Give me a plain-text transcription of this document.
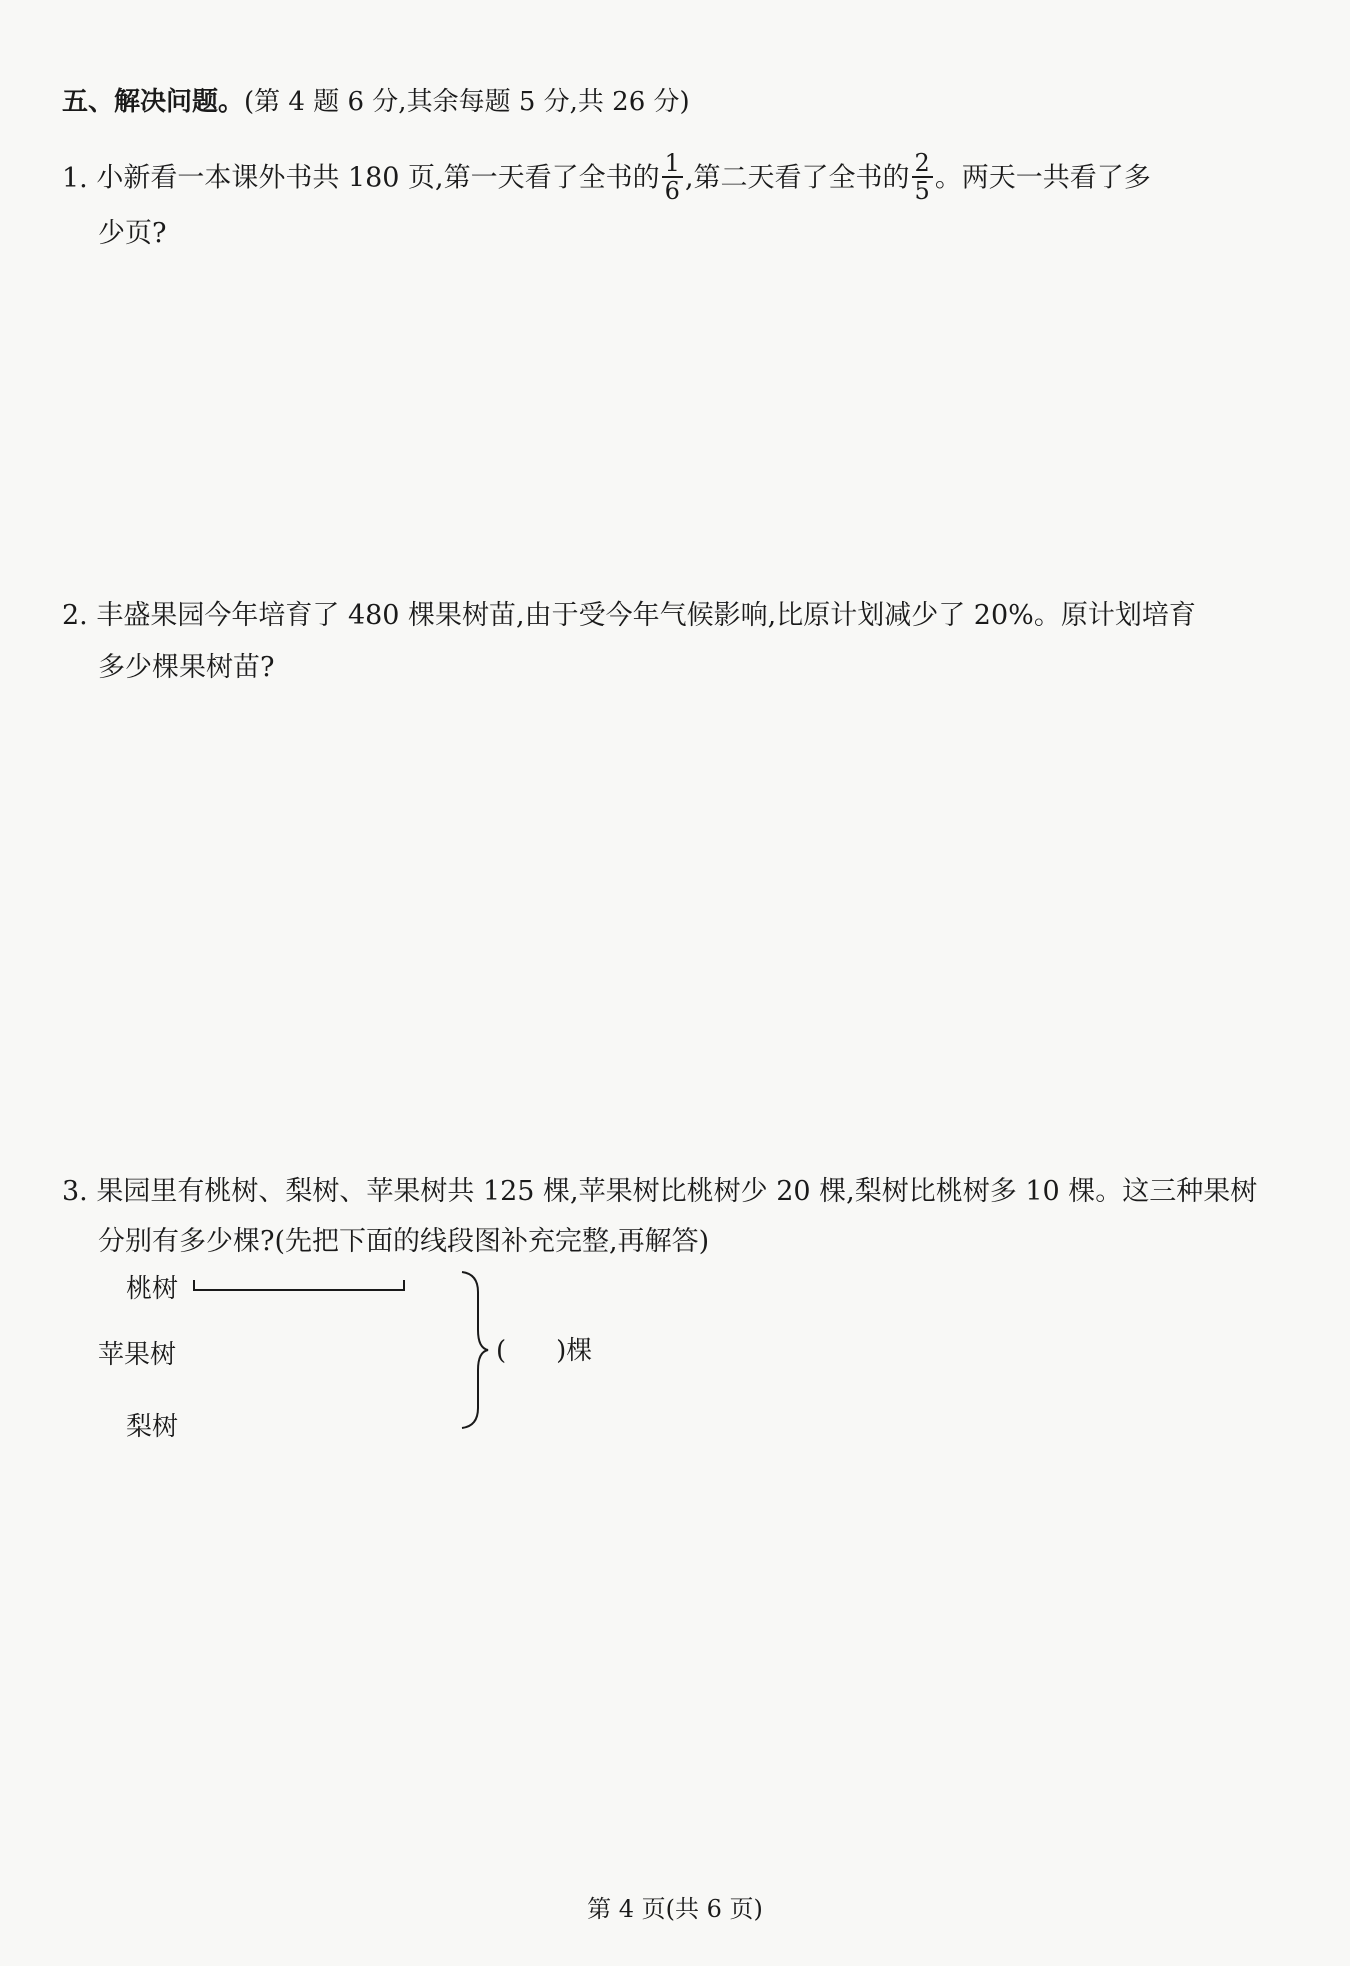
五、解决问题。(第 4 题 6 分,其余每题 5 分,共 26 分)
1. 小新看一本课外书共 180 页,第一天看了全书的 $\frac{1}{6}$ ,第二天看了全书的 $\frac{2}{5}$ 。两天一共看了多
少页?
2. 丰盛果园今年培育了 480 棵果树苗,由于受今年气候影响,比原计划减少了 20%。原计划培育
多少棵果树苗?
3. 果园里有桃树、梨树、苹果树共 125 棵,苹果树比桃树少 20 棵,梨树比桃树多 10 棵。这三种果树
分别有多少棵?(先把下面的线段图补充完整,再解答)
桃树
苹果树
梨树
( )棵
第 4 页(共 6 页)
